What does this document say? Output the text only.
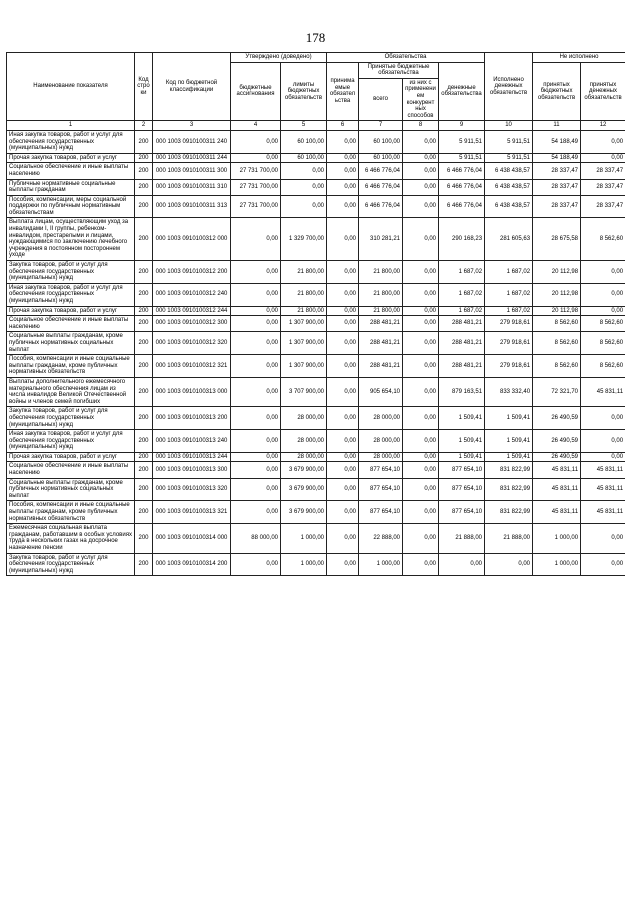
178
Наименование показателя	Код строки	Код по бюджетной классификации	Утверждено (доведено)		Обязательства				Исполнено денежных обязательств	Не исполнено	
			бюджетные ассигнования	лимиты бюджетных обязательств	принимаемые обязательства	Принятые бюджетные обязательства		денежные обязательства		принятых бюджетных обязательств	принятых денежных обязательств
						всего	из них с применением конкурентных способов				
1	2	3	4	5	6	7	8	9	10	11	12
Иная закупка товаров, работ и услуг для обеспечения государственных (муниципальных) нужд	200	000 1003 0910100311 240	0,00	60 100,00	0,00	60 100,00	0,00	5 911,51	5 911,51	54 188,49	0,00
Прочая закупка товаров, работ и услуг	200	000 1003 0910100311 244	0,00	60 100,00	0,00	60 100,00	0,00	5 911,51	5 911,51	54 188,49	0,00
Социальное обеспечение и иные выплаты населению	200	000 1003 0910100311 300	27 731 700,00	0,00	0,00	6 466 776,04	0,00	6 466 776,04	6 438 438,57	28 337,47	28 337,47
Публичные нормативные социальные выплаты гражданам	200	000 1003 0910100311 310	27 731 700,00	0,00	0,00	6 466 776,04	0,00	6 466 776,04	6 438 438,57	28 337,47	28 337,47
Пособия, компенсации, меры социальной поддержки по публичным нормативным обязательствам	200	000 1003 0910100311 313	27 731 700,00	0,00	0,00	6 466 776,04	0,00	6 466 776,04	6 438 438,57	28 337,47	28 337,47
Выплата лицам, осуществляющим уход за инвалидами I, II группы, ребенком-инвалидом, престарелыми и лицами, нуждающимися по заключению лечебного учреждения в постоянном постороннем уходе	200	000 1003 0910100312 000	0,00	1 329 700,00	0,00	310 281,21	0,00	290 168,23	281 605,63	28 675,58	8 562,60
Закупка товаров, работ и услуг для обеспечения государственных (муниципальных) нужд	200	000 1003 0910100312 200	0,00	21 800,00	0,00	21 800,00	0,00	1 687,02	1 687,02	20 112,98	0,00
Иная закупка товаров, работ и услуг для обеспечения государственных (муниципальных) нужд	200	000 1003 0910100312 240	0,00	21 800,00	0,00	21 800,00	0,00	1 687,02	1 687,02	20 112,98	0,00
Прочая закупка товаров, работ и услуг	200	000 1003 0910100312 244	0,00	21 800,00	0,00	21 800,00	0,00	1 687,02	1 687,02	20 112,98	0,00
Социальное обеспечение и иные выплаты населению	200	000 1003 0910100312 300	0,00	1 307 900,00	0,00	288 481,21	0,00	288 481,21	279 918,61	8 562,60	8 562,60
Социальные выплаты гражданам, кроме публичных нормативных социальных выплат	200	000 1003 0910100312 320	0,00	1 307 900,00	0,00	288 481,21	0,00	288 481,21	279 918,61	8 562,60	8 562,60
Пособия, компенсации и иные социальные выплаты гражданам, кроме публичных нормативных обязательств	200	000 1003 0910100312 321	0,00	1 307 900,00	0,00	288 481,21	0,00	288 481,21	279 918,61	8 562,60	8 562,60
Выплаты дополнительного ежемесячного материального обеспечения лицам из числа инвалидов Великой Отечественной войны и членов семей погибших	200	000 1003 0910100313 000	0,00	3 707 900,00	0,00	905 654,10	0,00	879 163,51	833 332,40	72 321,70	45 831,11
Закупка товаров, работ и услуг для обеспечения государственных (муниципальных) нужд	200	000 1003 0910100313 200	0,00	28 000,00	0,00	28 000,00	0,00	1 509,41	1 509,41	26 490,59	0,00
Иная закупка товаров, работ и услуг для обеспечения государственных (муниципальных) нужд	200	000 1003 0910100313 240	0,00	28 000,00	0,00	28 000,00	0,00	1 509,41	1 509,41	26 490,59	0,00
Прочая закупка товаров, работ и услуг	200	000 1003 0910100313 244	0,00	28 000,00	0,00	28 000,00	0,00	1 509,41	1 509,41	26 490,59	0,00
Социальное обеспечение и иные выплаты населению	200	000 1003 0910100313 300	0,00	3 679 900,00	0,00	877 654,10	0,00	877 654,10	831 822,99	45 831,11	45 831,11
Социальные выплаты гражданам, кроме публичных нормативных социальных выплат	200	000 1003 0910100313 320	0,00	3 679 900,00	0,00	877 654,10	0,00	877 654,10	831 822,99	45 831,11	45 831,11
Пособия, компенсации и иные социальные выплаты гражданам, кроме публичных нормативных обязательств	200	000 1003 0910100313 321	0,00	3 679 900,00	0,00	877 654,10	0,00	877 654,10	831 822,99	45 831,11	45 831,11
Ежемесячная социальная выплата гражданам, работавшим в особых условиях труда в нескольких газах на досрочное назначение пенсии	200	000 1003 0910100314 000	88 000,00	1 000,00	0,00	22 888,00	0,00	21 888,00	21 888,00	1 000,00	0,00
Закупка товаров, работ и услуг для обеспечения государственных (муниципальных) нужд	200	000 1003 0910100314 200	0,00	1 000,00	0,00	1 000,00	0,00	0,00	0,00	1 000,00	0,00
